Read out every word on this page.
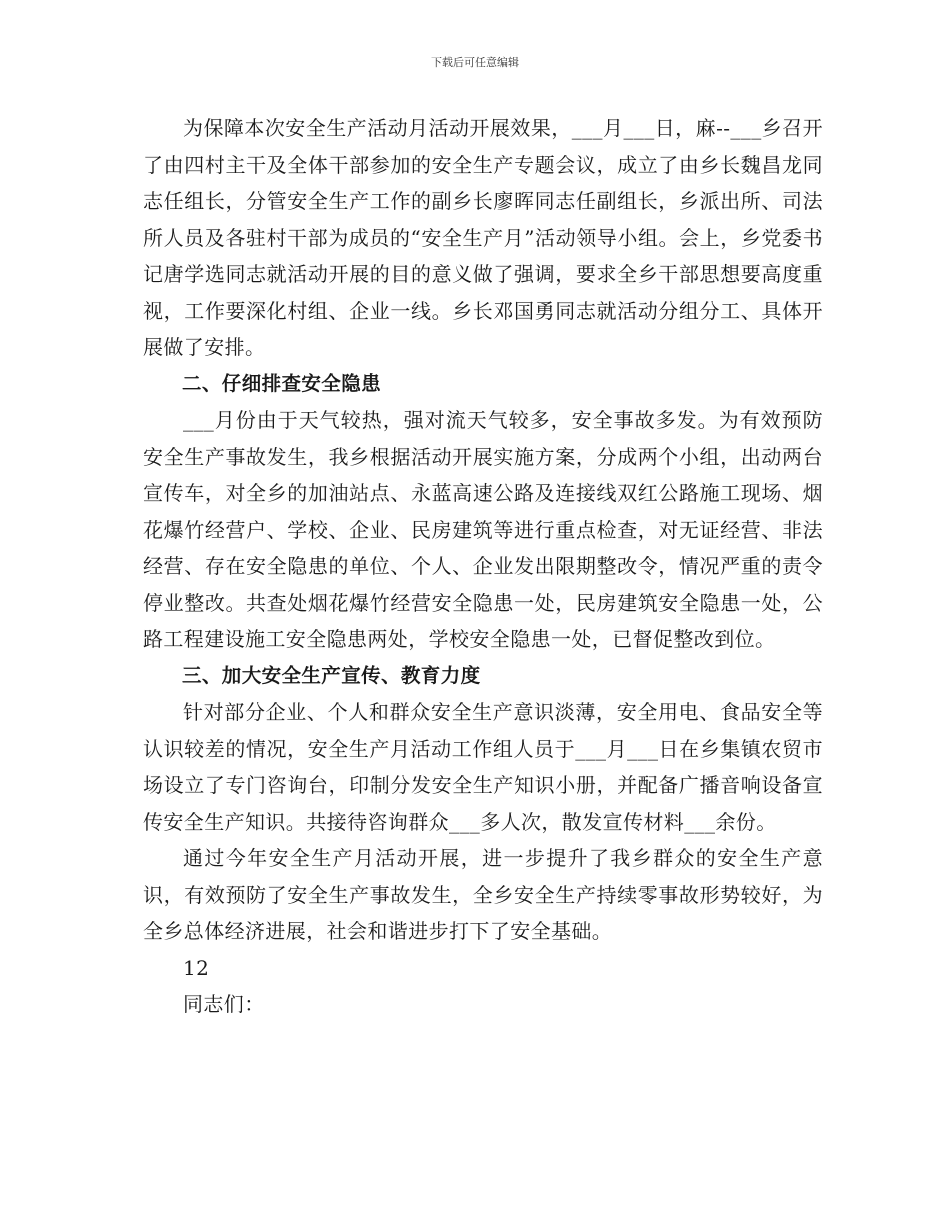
下载后可任意编辑

为保障本次安全生产活动月活动开展效果，___月___日，麻--___乡召开了由四村主干及全体干部参加的安全生产专题会议，成立了由乡长魏昌龙同志任组长，分管安全生产工作的副乡长廖晖同志任副组长，乡派出所、司法所人员及各驻村干部为成员的“安全生产月”活动领导小组。会上，乡党委书记唐学选同志就活动开展的目的意义做了强调，要求全乡干部思想要高度重视，工作要深化村组、企业一线。乡长邓国勇同志就活动分组分工、具体开展做了安排。

二、仔细排查安全隐患

___月份由于天气较热，强对流天气较多，安全事故多发。为有效预防安全生产事故发生，我乡根据活动开展实施方案，分成两个小组，出动两台宣传车，对全乡的加油站点、永蓝高速公路及连接线双红公路施工现场、烟花爆竹经营户、学校、企业、民房建筑等进行重点检查，对无证经营、非法经营、存在安全隐患的单位、个人、企业发出限期整改令，情况严重的责令停业整改。共查处烟花爆竹经营安全隐患一处，民房建筑安全隐患一处，公路工程建设施工安全隐患两处，学校安全隐患一处，已督促整改到位。

三、加大安全生产宣传、教育力度

针对部分企业、个人和群众安全生产意识淡薄，安全用电、食品安全等认识较差的情况，安全生产月活动工作组人员于___月___日在乡集镇农贸市场设立了专门咨询台，印制分发安全生产知识小册，并配备广播音响设备宣传安全生产知识。共接待咨询群众___多人次，散发宣传材料___余份。

通过今年安全生产月活动开展，进一步提升了我乡群众的安全生产意识，有效预防了安全生产事故发生，全乡安全生产持续零事故形势较好，为全乡总体经济进展，社会和谐进步打下了安全基础。

12

同志们：
